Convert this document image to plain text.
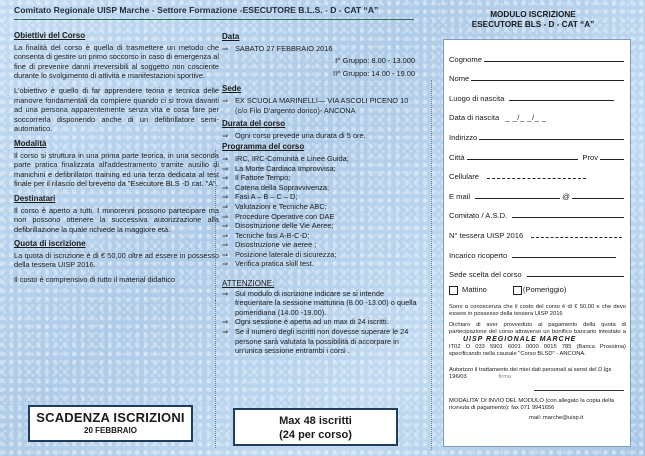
Comitato Regionale UISP Marche - Settore Formazione -ESECUTORE B.L.S. - D - CAT “A”
Obiettivi del Corso

La finalità del corso è quella di trasmettere un metodo che consenta di gestire un primo soccorso in caso di emergenza al fine di prevenire danni irreversibili al soggetto non cosciente durante lo svolgimento di attività e manifestazioni sportive.

L'obiettivo è quello di far apprendere teoria e tecnica delle manovre fondamentali da compiere quando ci si trova davanti ad una persona apparentemente senza vita e cosa fare per soccorrerla disponendo anche di un defibrillatore semi-automatico.

Modalità

Il corso si struttura in una prima parte teorica, in una seconda parte pratica finalizzata all'addestramento tramite ausilio di manichini e defibrillatori training ed una terza dedicata al test finale per il rilascio del brevetto da "Esecutore BLS -D cat. "A".

Destinatari

Il corso è aperto a tutti. I minorenni possono partecipare ma non possono ottenere la successiva autorizzazione alla defibrillazione la quale richiede la maggiore età.

Quota di iscrizione

La quota di iscrizione è di € 50,00 oltre ad essere in possesso della tessera UISP 2016.

Il costo è comprensivo di tutto il material didattico

SCADENZA ISCRIZIONI
20 FEBBRAIO
Data
⇒ SABATO 27 FEBBRAIO 2016
I^ Gruppo: 8.00 - 13.000
II^ Gruppo: 14.00 - 19.00
Sede
⇒ EX SCUOLA MARINELLI— VIA ASCOLI PICENO 10 (c/o Filo D'argento dorico)- ANCONA
Durata del corso
⇒ Ogni corso prevede una durata di 5 ore.
Programma del corso
⇒ IRC, IRC-Comunità e Linee Guida;
⇒ La Morte Cardiaca Improvvisa;
⇒ Il Fattore Tempo;
⇒ Catena della Sopravvivenza;
⇒ Fasi A – B – C – D;
⇒ Valutazioni e Tecniche ABC;
⇒ Procedure Operative con DAE
⇒ Disostruzione delle Vie Aeree;
⇒ Tecniche fasi A-B-C-D;
⇒ Disostruzione vie aeree ;
⇒ Posizione laterale di sicurezza;
⇒ Verifica pratica skill test.
ATTENZIONE:
⇒ Sul modulo di iscrizione indicare se si intende frequentare la sessione mattutina (8.00 -13.00) o quella pomeridiana (14.00 -19.00).
⇒ Ogni sessione è aperta ad un max di 24 iscritti.
⇒ Se il numero degli iscritti non dovesse superare le 24 persone sarà valutata la possibilità di accorpare in un'unica sessione entrambi i corsi .
Max 48 iscritti
(24 per corso)
MODULO ISCRIZIONE
ESECUTORE BLS - D - CAT “A”
Cognome
Nome
Luogo di nascita
Data di nascita _ _/_ _/_ _
Indirizzo
Città	Prov
Cellulare
E mail	@
Comitato / A.S.D.
N° tessera UISP 2016
Incarico ricoperto
Sede scelta del corso
Mattino	(Pomeriggio)
Sono a conoscenza che il costo del corso è di € 50,00 e che devo essere in possesso della tessera UISP 2016
Dichiaro di aver provveduto al pagamento della quota di partecipazione del corso attraverso un bonifico bancario intestato a UISP REGIONALE MARCHE
IT02 O 033 5901 6001 0000 0015 785 (Banca Prossima) specificando nella causale "Corso BLSD" - ANCONA.
Autorizzo il trattamento dei miei dati personali ai sensi del D.lgs 196/03	firma
MODALITA' DI INVIO DEL MODULO (con allegato la copia della ricevuta di pagamento): fax 071 9941656
mail: marche@uisp.it
